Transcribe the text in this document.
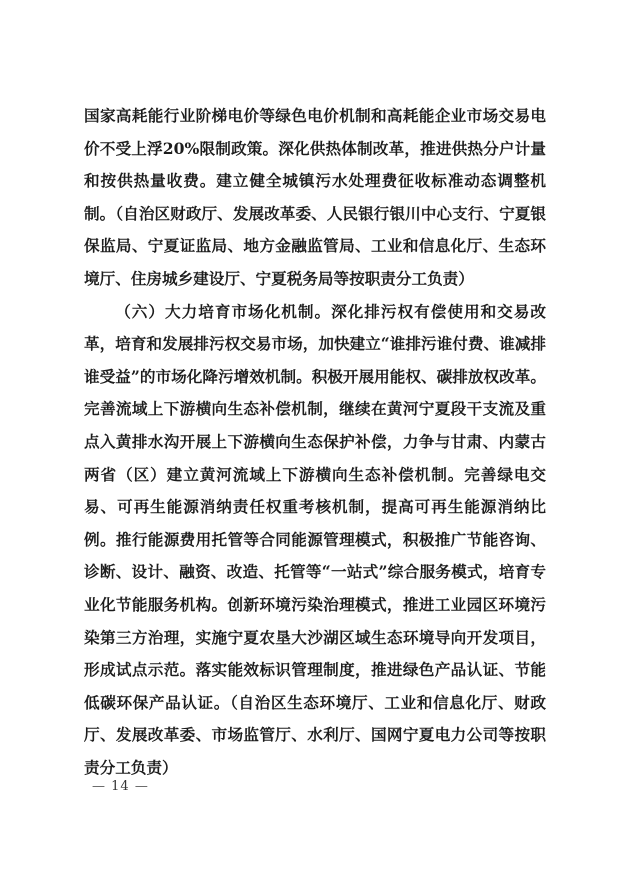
国家高耗能行业阶梯电价等绿色电价机制和高耗能企业市场交易电价不受上浮20%限制政策。深化供热体制改革，推进供热分户计量和按供热量收费。建立健全城镇污水处理费征收标准动态调整机制。（自治区财政厅、发展改革委、人民银行银川中心支行、宁夏银保监局、宁夏证监局、地方金融监管局、工业和信息化厅、生态环境厅、住房城乡建设厅、宁夏税务局等按职责分工负责）

（六）大力培育市场化机制。深化排污权有偿使用和交易改革，培育和发展排污权交易市场，加快建立“谁排污谁付费、谁减排谁受益”的市场化降污增效机制。积极开展用能权、碳排放权改革。完善流域上下游横向生态补偿机制，继续在黄河宁夏段干支流及重点入黄排水沟开展上下游横向生态保护补偿，力争与甘肃、内蒙古两省（区）建立黄河流域上下游横向生态补偿机制。完善绿电交易、可再生能源消纳责任权重考核机制，提高可再生能源消纳比例。推行能源费用托管等合同能源管理模式，积极推广节能咨询、诊断、设计、融资、改造、托管等“一站式”综合服务模式，培育专业化节能服务机构。创新环境污染治理模式，推进工业园区环境污染第三方治理，实施宁夏农垦大沙湖区域生态环境导向开发项目，形成试点示范。落实能效标识管理制度，推进绿色产品认证、节能低碳环保产品认证。（自治区生态环境厅、工业和信息化厅、财政厅、发展改革委、市场监管厅、水利厅、国网宁夏电力公司等按职责分工负责）

— 14 —
